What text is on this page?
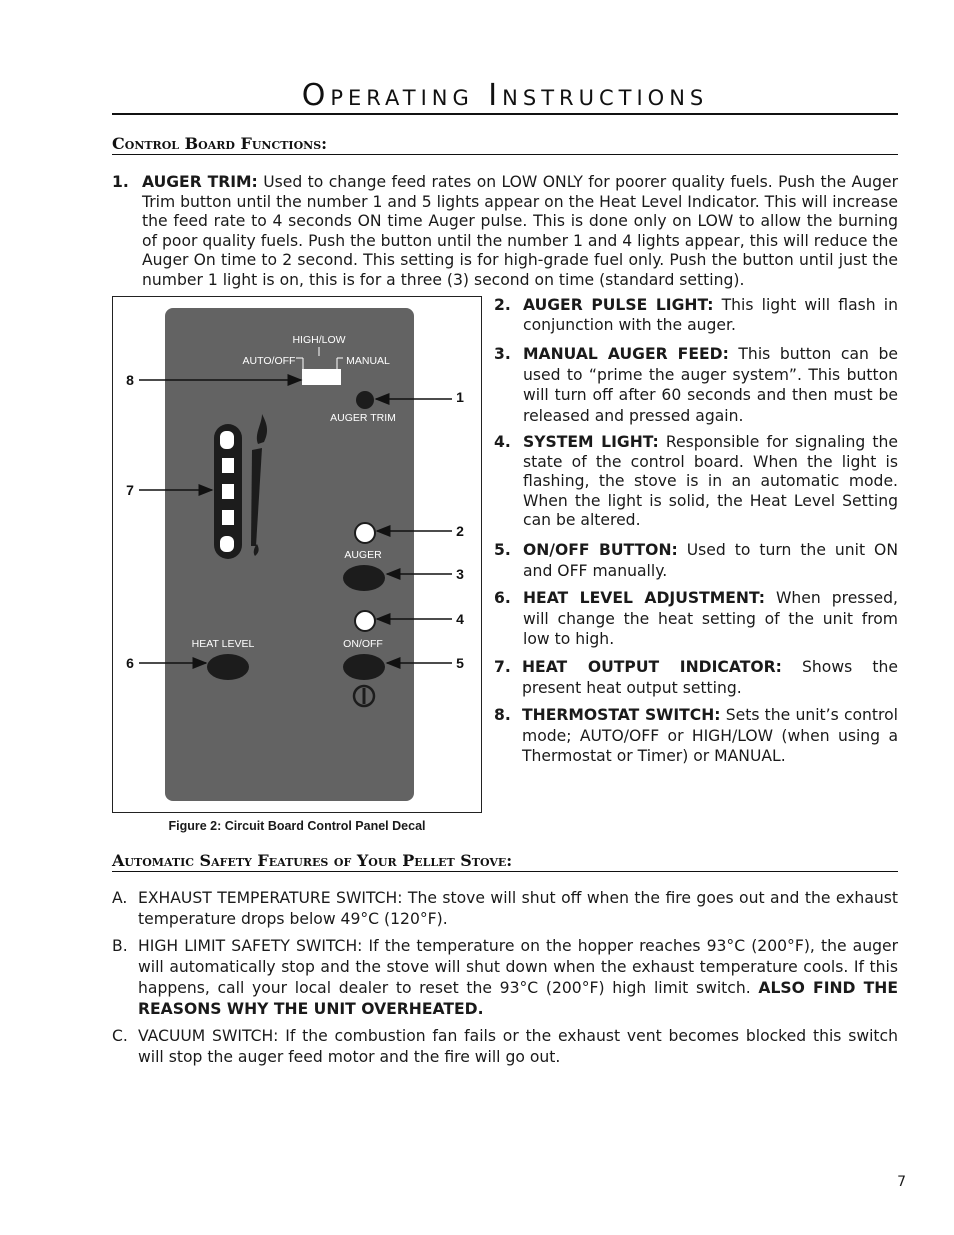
Operating Instructions
Control Board Functions:
1. AUGER TRIM: Used to change feed rates on LOW ONLY for poorer quality fuels. Push the Auger Trim button until the number 1 and 5 lights appear on the Heat Level Indicator. This will increase the feed rate to 4 seconds ON time Auger pulse. This is done only on LOW to allow the burning of poor quality fuels. Push the button until the number 1 and 4 lights appear, this will reduce the Auger On time to 2 second. This setting is for high-grade fuel only. Push the button until just the number 1 light is on, this is for a three (3) second on time (standard setting).
HIGH/LOW
AUTO/OFF	MANUAL
AUGER TRIM
AUGER
ON/OFF
HEAT LEVEL
8
7
6
1
2
3
4
5
Figure 2: Circuit Board Control Panel Decal
2. AUGER PULSE LIGHT: This light will flash in conjunction with the auger.
3. MANUAL AUGER FEED: This button can be used to “prime the auger system”. This button will turn off after 60 seconds and then must be released and pressed again.
4. SYSTEM LIGHT: Responsible for signaling the state of the control board. When the light is flashing, the stove is in an automatic mode. When the light is solid, the Heat Level Setting can be altered.
5. ON/OFF BUTTON: Used to turn the unit ON and OFF manually.
6. HEAT LEVEL ADJUSTMENT: When pressed, will change the heat setting of the unit from low to high.
7. HEAT OUTPUT INDICATOR: Shows the present heat output setting.
8. THERMOSTAT SWITCH: Sets the unit’s control mode; AUTO/OFF or HIGH/LOW (when using a Thermostat or Timer) or MANUAL.
Automatic Safety Features of Your Pellet Stove:
A. EXHAUST TEMPERATURE SWITCH: The stove will shut off when the fire goes out and the exhaust temperature drops below 49°C (120°F).
B. HIGH LIMIT SAFETY SWITCH: If the temperature on the hopper reaches 93°C (200°F), the auger will automatically stop and the stove will shut down when the exhaust temperature cools. If this happens, call your local dealer to reset the 93°C (200°F) high limit switch. ALSO FIND THE REASONS WHY THE UNIT OVERHEATED.
C. VACUUM SWITCH: If the combustion fan fails or the exhaust vent becomes blocked this switch will stop the auger feed motor and the fire will go out.
7
